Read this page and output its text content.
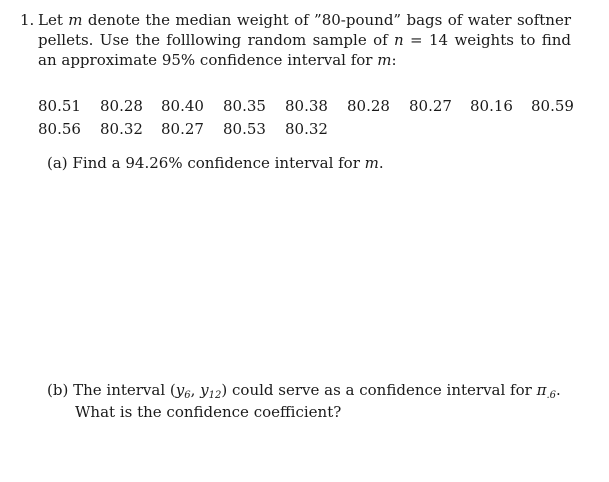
1. Let m denote the median weight of ”80-pound” bags of water softner pellets. Use the folllowing random sample of n = 14 weights to find an approximate 95% confidence interval for m:
80.51	80.28	80.40	80.35	80.38	80.28	80.27	80.16	80.59
80.56	80.32	80.27	80.53	80.32
(a) Find a 94.26% confidence interval for m.
(b) The interval ($y_6$, $y_{12}$) could serve as a confidence interval for $\pi_{.6}$.
What is the confidence coefficient?
